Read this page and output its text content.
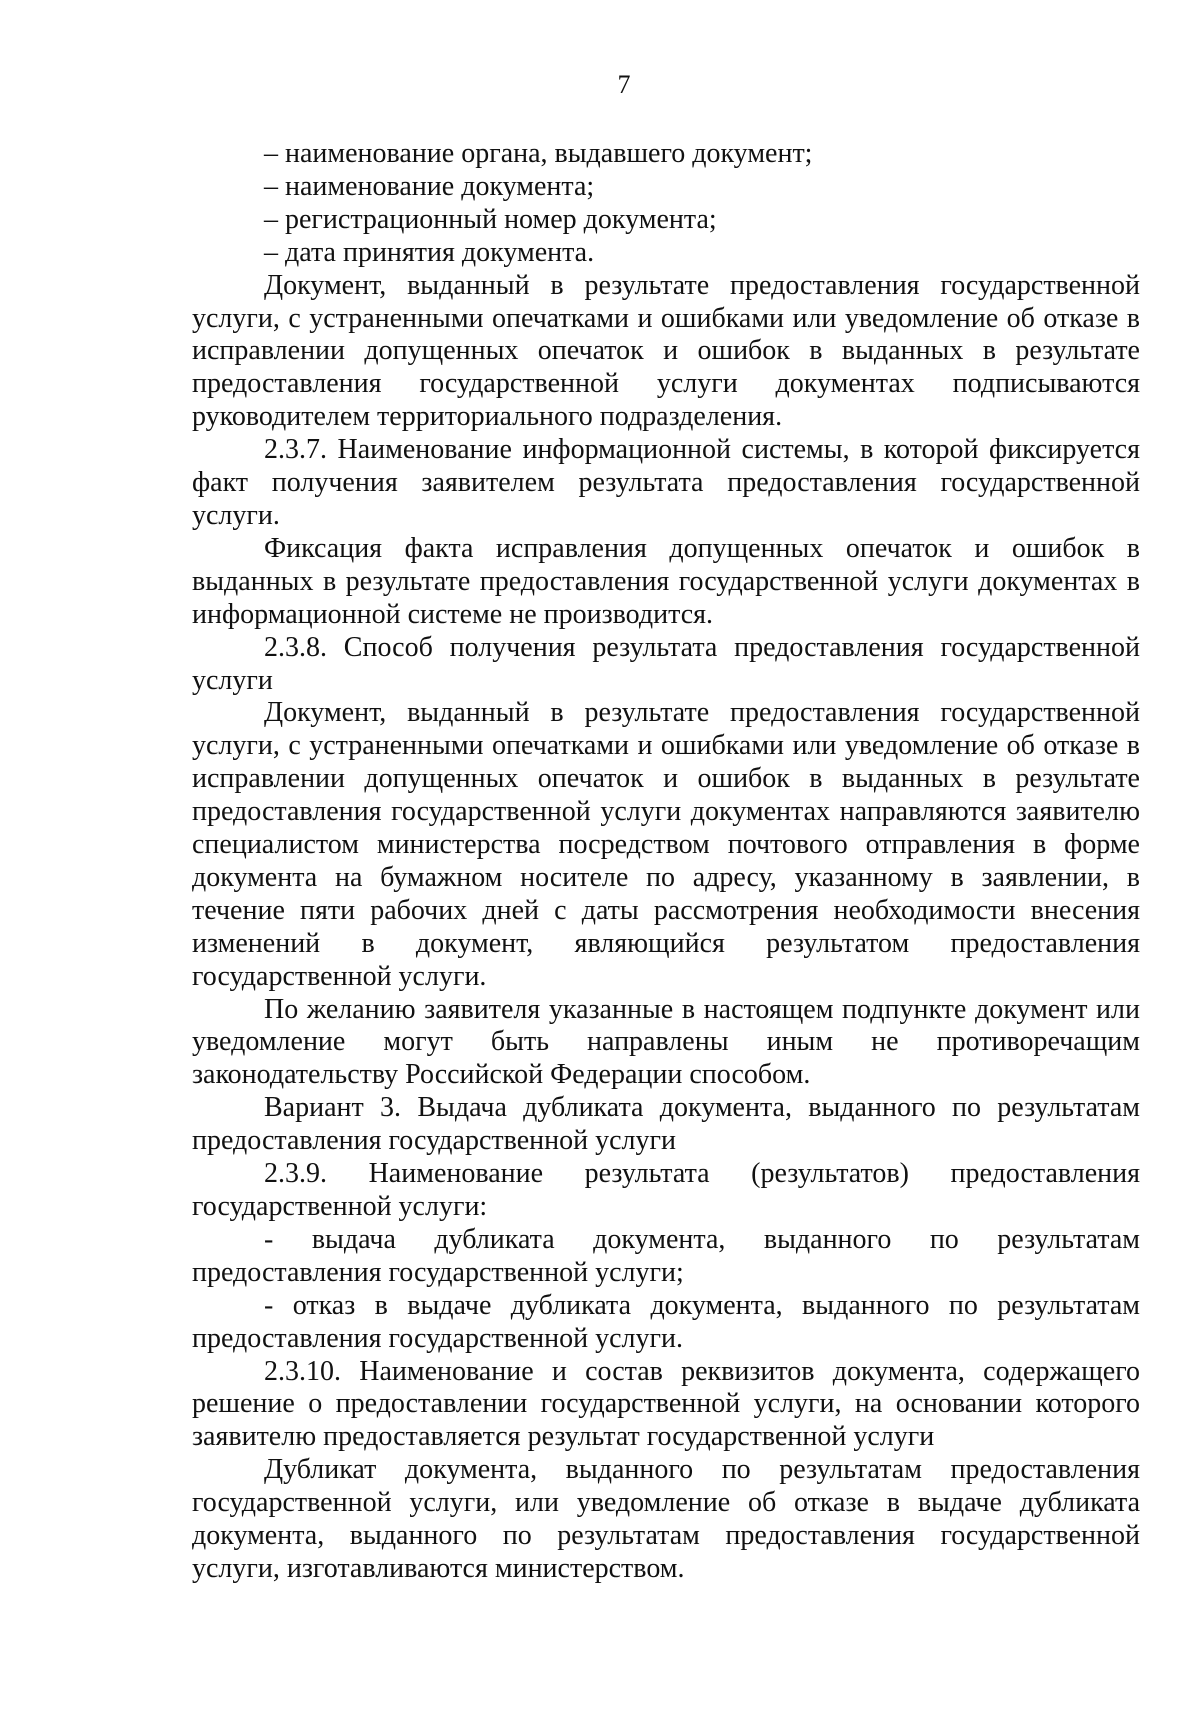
7

– наименование органа, выдавшего документ;

– наименование документа;

– регистрационный номер документа;

– дата принятия документа.

Документ, выданный в результате предоставления государственной услуги, с устраненными опечатками и ошибками или уведомление об отказе в исправлении допущенных опечаток и ошибок в выданных в результате предоставления государственной услуги документах подписываются руководителем территориального подразделения.

2.3.7. Наименование информационной системы, в которой фиксируется факт получения заявителем результата предоставления государственной услуги.

Фиксация факта исправления допущенных опечаток и ошибок в выданных в результате предоставления государственной услуги документах в информационной системе не производится.

2.3.8. Способ получения результата предоставления государственной услуги

Документ, выданный в результате предоставления государственной услуги, с устраненными опечатками и ошибками или уведомление об отказе в исправлении допущенных опечаток и ошибок в выданных в результате предоставления государственной услуги документах направляются заявителю специалистом министерства посредством почтового отправления в форме документа на бумажном носителе по адресу, указанному в заявлении, в течение пяти рабочих дней с даты рассмотрения необходимости внесения изменений в документ, являющийся результатом предоставления государственной услуги.

По желанию заявителя указанные в настоящем подпункте документ или уведомление могут быть направлены иным не противоречащим законодательству Российской Федерации способом.

Вариант 3. Выдача дубликата документа, выданного по результатам предоставления государственной услуги

2.3.9. Наименование результата (результатов) предоставления государственной услуги:

- выдача дубликата документа, выданного по результатам предоставления государственной услуги;

- отказ в выдаче дубликата документа, выданного по результатам предоставления государственной услуги.

2.3.10. Наименование и состав реквизитов документа, содержащего решение о предоставлении государственной услуги, на основании которого заявителю предоставляется результат государственной услуги

Дубликат документа, выданного по результатам предоставления государственной услуги, или уведомление об отказе в выдаче дубликата документа, выданного по результатам предоставления государственной услуги, изготавливаются министерством.
